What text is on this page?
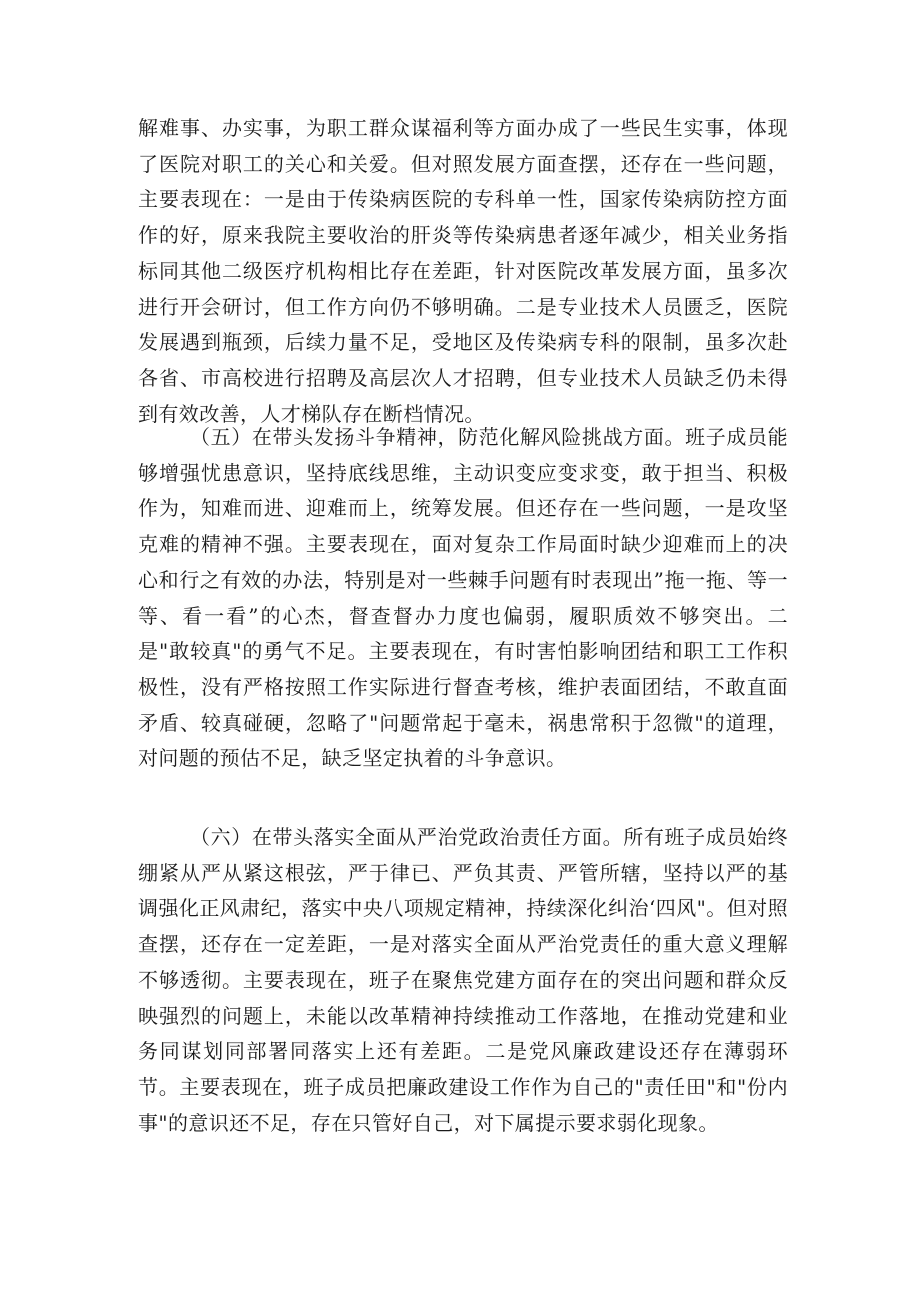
解难事、办实事，为职工群众谋福利等方面办成了一些民生实事，体现了医院对职工的关心和关爱。但对照发展方面查摆，还存在一些问题，主要表现在：一是由于传染病医院的专科单一性，国家传染病防控方面作的好，原来我院主要收治的肝炎等传染病患者逐年减少，相关业务指标同其他二级医疗机构相比存在差距，针对医院改革发展方面，虽多次进行开会研讨，但工作方向仍不够明确。二是专业技术人员匮乏，医院发展遇到瓶颈，后续力量不足，受地区及传染病专科的限制，虽多次赴各省、市高校进行招聘及高层次人才招聘，但专业技术人员缺乏仍未得到有效改善，人才梯队存在断档情况。

（五）在带头发扬斗争精神，防范化解风险挑战方面。班子成员能够增强忧患意识，坚持底线思维，主动识变应变求变，敢于担当、积极作为，知难而进、迎难而上，统筹发展。但还存在一些问题，一是攻坚克难的精神不强。主要表现在，面对复杂工作局面时缺少迎难而上的决心和行之有效的办法，特别是对一些棘手问题有时表现出”拖一拖、等一等、看一看”的心杰，督查督办力度也偏弱，履职质效不够突出。二是"敢较真"的勇气不足。主要表现在，有时害怕影响团结和职工工作积极性，没有严格按照工作实际进行督查考核，维护表面团结，不敢直面矛盾、较真碰硬，忽略了"问题常起于毫未，祸患常积于忽微"的道理，对问题的预估不足，缺乏坚定执着的斗争意识。

（六）在带头落实全面从严治党政治责任方面。所有班子成员始终绷紧从严从紧这根弦，严于律已、严负其责、严管所辖，坚持以严的基调强化正风肃纪，落实中央八项规定精神，持续深化纠治‘四风"。但对照查摆，还存在一定差距，一是对落实全面从严治党责任的重大意义理解不够透彻。主要表现在，班子在聚焦党建方面存在的突出问题和群众反映强烈的问题上，未能以改革精神持续推动工作落地，在推动党建和业务同谋划同部署同落实上还有差距。二是党风廉政建设还存在薄弱环节。主要表现在，班子成员把廉政建设工作作为自己的"责任田"和"份内事"的意识还不足，存在只管好自己，对下属提示要求弱化现象。
